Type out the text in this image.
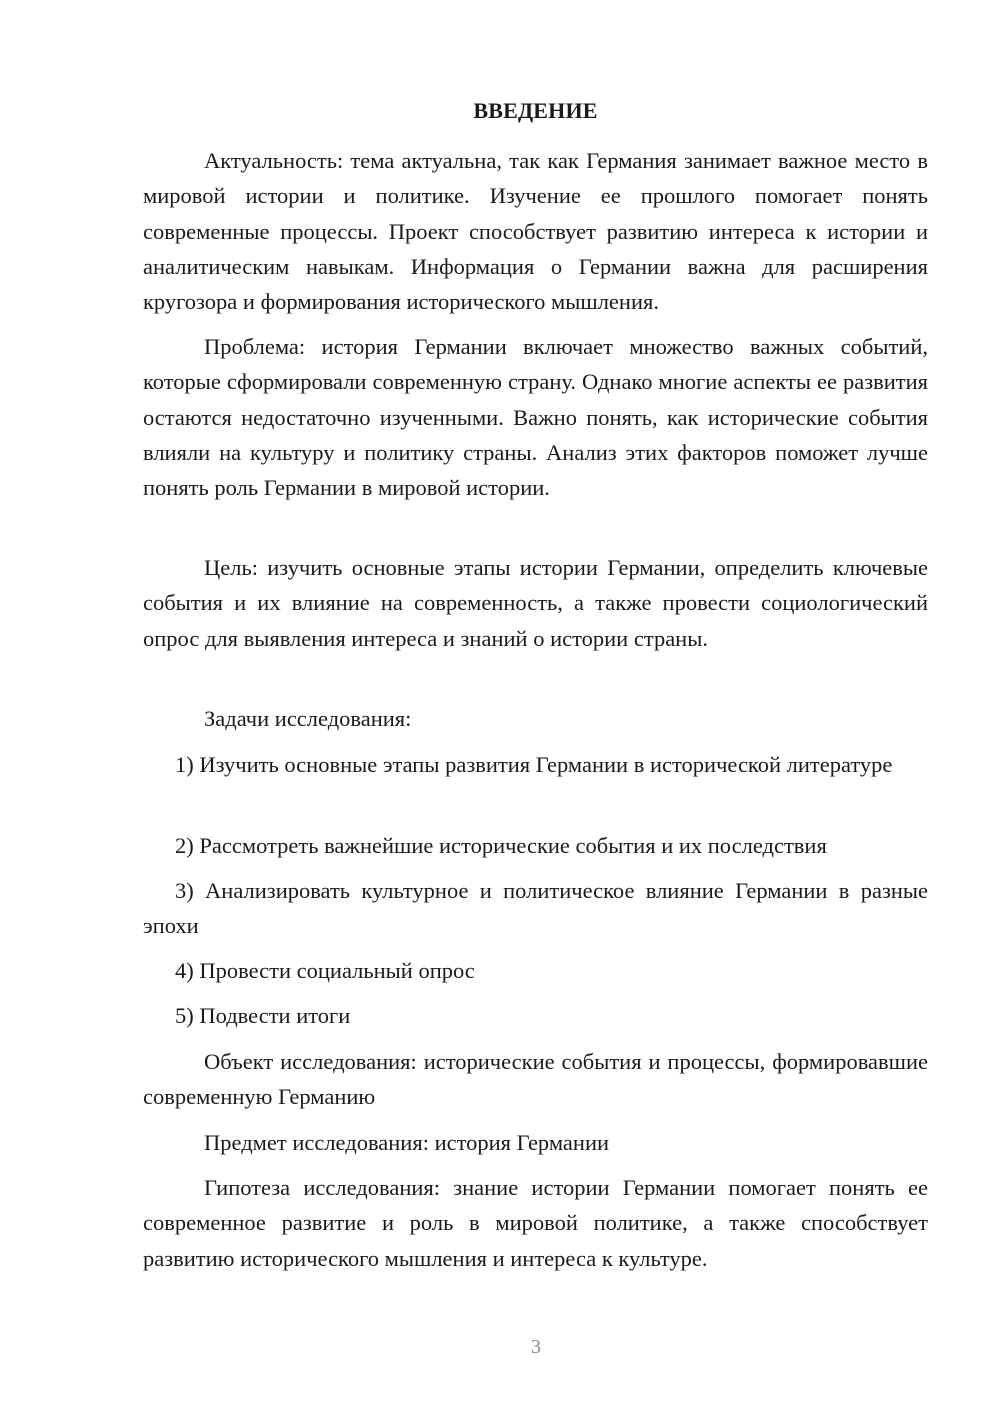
ВВЕДЕНИЕ

Актуальность: тема актуальна, так как Германия занимает важное место в мировой истории и политике. Изучение ее прошлого помогает понять современные процессы. Проект способствует развитию интереса к истории и аналитическим навыкам. Информация о Германии важна для расширения кругозора и формирования исторического мышления.

Проблема: история Германии включает множество важных событий, которые сформировали современную страну. Однако многие аспекты ее развития остаются недостаточно изученными. Важно понять, как исторические события влияли на культуру и политику страны. Анализ этих факторов поможет лучше понять роль Германии в мировой истории.

Цель: изучить основные этапы истории Германии, определить ключевые события и их влияние на современность, а также провести социологический опрос для выявления интереса и знаний о истории страны.

Задачи исследования:

1) Изучить основные этапы развития Германии в исторической литературе

2) Рассмотреть важнейшие исторические события и их последствия

3) Анализировать культурное и политическое влияние Германии в разные эпохи

4) Провести социальный опрос

5) Подвести итоги

Объект исследования: исторические события и процессы, формировавшие современную Германию

Предмет исследования: история Германии

Гипотеза исследования: знание истории Германии помогает понять ее современное развитие и роль в мировой политике, а также способствует развитию исторического мышления и интереса к культуре.

3
